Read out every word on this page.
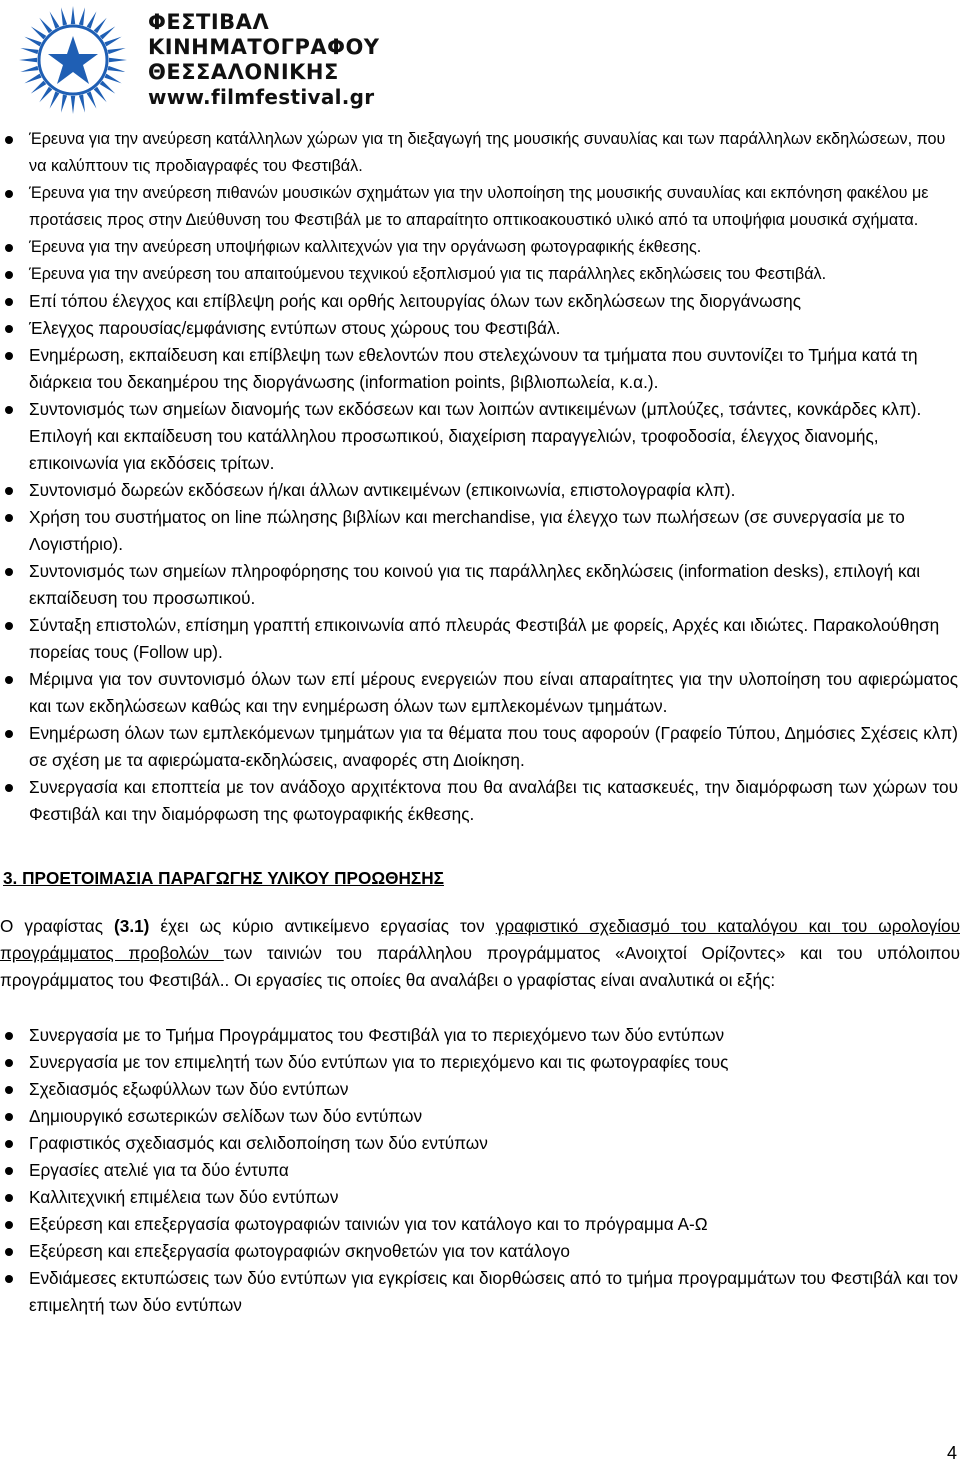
ΦΕΣΤΙΒΑΛ
ΚΙΝΗΜΑΤΟΓΡΑΦΟΥ
ΘΕΣΣΑΛΟΝΙΚΗΣ
www.filmfestival.gr
Έρευνα για την ανεύρεση κατάλληλων χώρων για τη διεξαγωγή της μουσικής συναυλίας και των παράλληλων εκδηλώσεων, που να καλύπτουν τις προδιαγραφές του Φεστιβάλ.
Έρευνα για την ανεύρεση πιθανών μουσικών σχημάτων για την υλοποίηση της μουσικής συναυλίας και εκπόνηση φακέλου με προτάσεις προς στην Διεύθυνση του Φεστιβάλ με το απαραίτητο οπτικοακουστικό υλικό από τα υποψήφια μουσικά σχήματα.
Έρευνα για την ανεύρεση υποψήφιων καλλιτεχνών για την οργάνωση φωτογραφικής έκθεσης.
Έρευνα για την ανεύρεση του απαιτούμενου τεχνικού εξοπλισμού για τις παράλληλες εκδηλώσεις του Φεστιβάλ.
Επί τόπου έλεγχος και επίβλεψη ροής και ορθής λειτουργίας όλων των εκδηλώσεων της διοργάνωσης
Έλεγχος παρουσίας/εμφάνισης εντύπων στους χώρους του Φεστιβάλ.
Ενημέρωση, εκπαίδευση και επίβλεψη των εθελοντών που στελεχώνουν τα τμήματα που συντονίζει το Τμήμα κατά τη διάρκεια του δεκαημέρου της διοργάνωσης (information points, βιβλιοπωλεία, κ.α.).
Συντονισμός των σημείων διανομής των εκδόσεων και των λοιπών αντικειμένων (μπλούζες, τσάντες, κονκάρδες κλπ). Επιλογή και εκπαίδευση του κατάλληλου προσωπικού, διαχείριση παραγγελιών, τροφοδοσία, έλεγχος διανομής, επικοινωνία για εκδόσεις τρίτων.
Συντονισμό δωρεών εκδόσεων ή/και άλλων αντικειμένων (επικοινωνία, επιστολογραφία κλπ).
Χρήση του συστήματος on line πώλησης βιβλίων και merchandise, για έλεγχο των πωλήσεων (σε συνεργασία με το Λογιστήριο).
Συντονισμός των σημείων πληροφόρησης του κοινού για τις παράλληλες εκδηλώσεις (information desks), επιλογή και εκπαίδευση του προσωπικού.
Σύνταξη επιστολών, επίσημη γραπτή επικοινωνία από πλευράς Φεστιβάλ με φορείς, Αρχές και ιδιώτες. Παρακολούθηση πορείας τους (Follow up).
Μέριμνα για τον συντονισμό όλων των επί μέρους ενεργειών που είναι απαραίτητες για την υλοποίηση του αφιερώματος και των εκδηλώσεων καθώς και την ενημέρωση όλων των εμπλεκομένων τμημάτων.
Ενημέρωση όλων των εμπλεκόμενων τμημάτων για τα θέματα που τους αφορούν (Γραφείο Τύπου, Δημόσιες Σχέσεις κλπ) σε σχέση με τα αφιερώματα-εκδηλώσεις, αναφορές στη Διοίκηση.
Συνεργασία και εποπτεία με τον ανάδοχο αρχιτέκτονα που θα αναλάβει τις κατασκευές, την διαμόρφωση των χώρων του Φεστιβάλ και την διαμόρφωση της φωτογραφικής έκθεσης.
3. ΠΡΟΕΤΟΙΜΑΣΙΑ ΠΑΡΑΓΩΓΗΣ ΥΛΙΚΟΥ ΠΡΟΩΘΗΣΗΣ

Ο γραφίστας (3.1) έχει ως κύριο αντικείμενο εργασίας τον γραφιστικό σχεδιασμό του καταλόγου και του ωρολογίου προγράμματος προβολών των ταινιών του παράλληλου προγράμματος «Ανοιχτοί Ορίζοντες» και του υπόλοιπου προγράμματος του Φεστιβάλ.. Οι εργασίες τις οποίες θα αναλάβει ο γραφίστας είναι αναλυτικά οι εξής:

Συνεργασία με το Τμήμα Προγράμματος του Φεστιβάλ για το περιεχόμενο των δύο εντύπων
Συνεργασία με τον επιμελητή των δύο εντύπων για το περιεχόμενο και τις φωτογραφίες τους
Σχεδιασμός εξωφύλλων των δύο εντύπων
Δημιουργικό εσωτερικών σελίδων των δύο εντύπων
Γραφιστικός σχεδιασμός και σελιδοποίηση των δύο εντύπων
Εργασίες ατελιέ για τα δύο έντυπα
Καλλιτεχνική επιμέλεια των δύο εντύπων
Εξεύρεση και επεξεργασία φωτογραφιών ταινιών για τον κατάλογο και το πρόγραμμα Α-Ω
Εξεύρεση και επεξεργασία φωτογραφιών σκηνοθετών για τον κατάλογο
Ενδιάμεσες εκτυπώσεις των δύο εντύπων για εγκρίσεις και διορθώσεις από το τμήμα προγραμμάτων του Φεστιβάλ και τον επιμελητή των δύο εντύπων
4
